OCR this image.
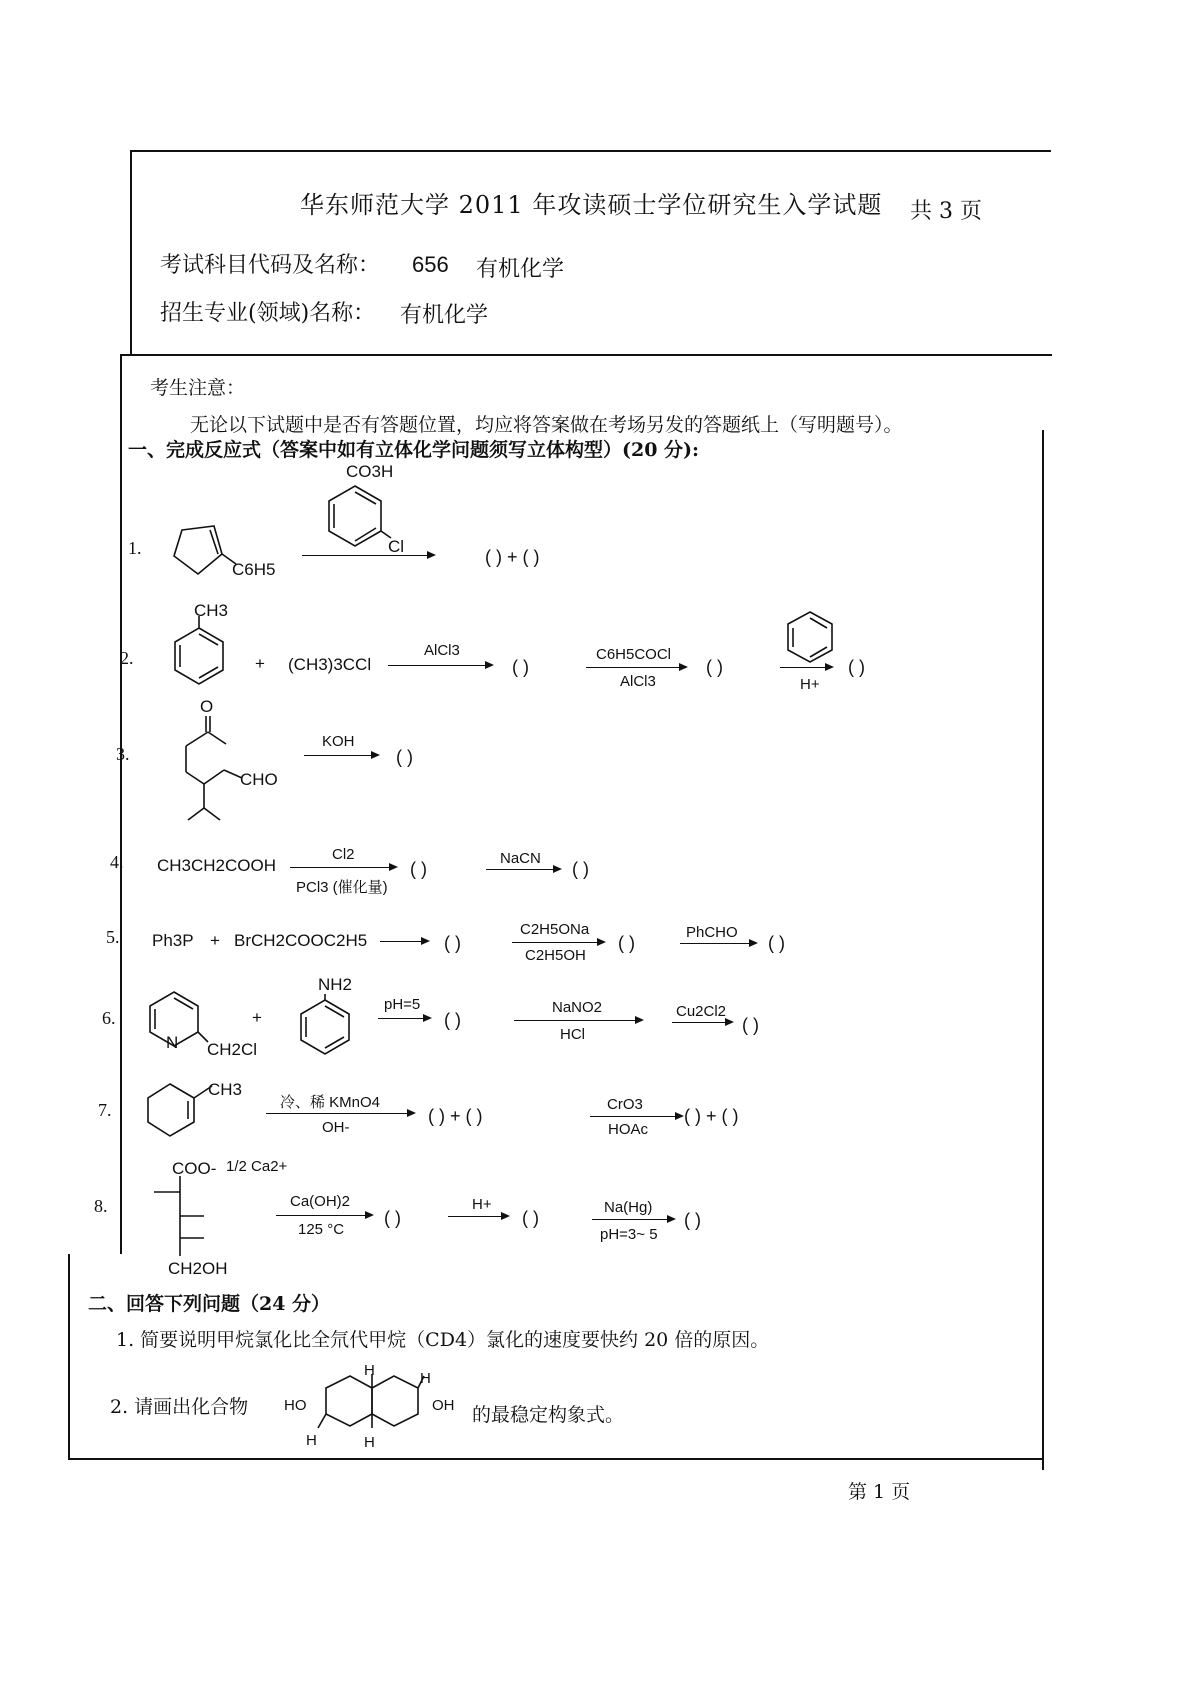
华东师范大学 2011 年攻读硕士学位研究生入学试题 共 3 页
考试科目代码及名称： 656 有机化学
招生专业(领域)名称： 有机化学
考生注意：
无论以下试题中是否有答题位置，均应将答案做在考场另发的答题纸上（写明题号）。
一、完成反应式（答案中如有立体化学问题须写立体构型）(20 分):
1.
C6H5
CO3H
Cl
( ) + ( )
2.
CH3
+ (CH3)3CCl
AlCl3
( )
C6H5COCl
AlCl3
( )
H+
( )
3.
O
CHO
KOH
( )
4. CH3CH2COOH
Cl2
PCl3 (催化量)
( )
NaCN
( )
5. Ph3P + BrCH2COOC2H5	( )
C2H5ONa
C2H5OH
( )
PhCHO
( )
6.
N CH2Cl
+
NH2
pH=5
( )
NaNO2
HCl
Cu2Cl2
( )
7.
CH3
冷、稀 KMnO4
OH-
( ) + ( )
CrO3
HOAc
( ) + ( )
8.
COO- 1/2 Ca2+
CH2OH
Ca(OH)2
125 °C
( )
H+
( )
Na(Hg)
pH=3~ 5
( )
二、回答下列问题（24 分）
1. 简要说明甲烷氯化比全氘代甲烷（CD4）氯化的速度要快约 20 倍的原因。
2. 请画出化合物 HO
H	H
H	H
OH 的最稳定构象式。
第 1 页
